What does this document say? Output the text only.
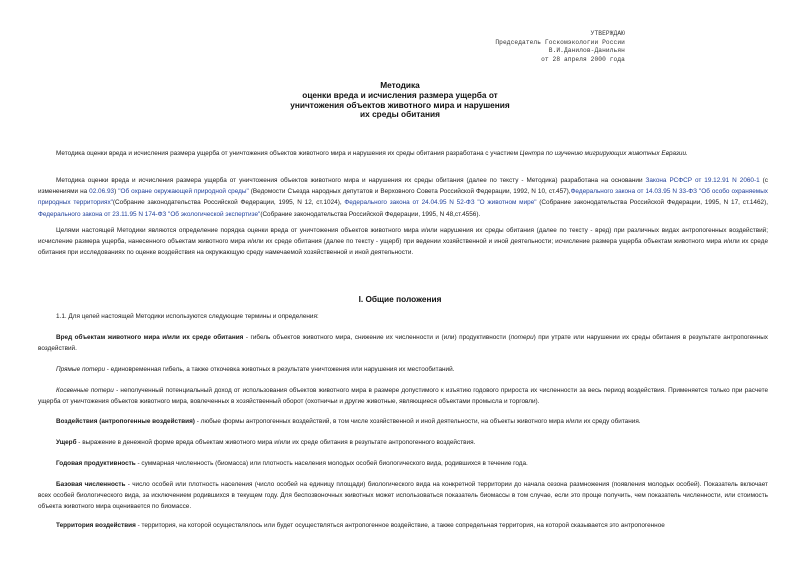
УТВЕРЖДАЮ
Председатель Госкомэкологии России
В.И.Данилов-Данильян
от 28 апреля 2000 года
Методика
оценки вреда и исчисления размера ущерба от
уничтожения объектов животного мира и нарушения
их среды обитания

Методика оценки вреда и исчисления размера ущерба от уничтожения объектов животного мира и нарушения их среды обитания разработана с участием Центра по изучению мигрирующих животных Евразии.

Методика оценки вреда и исчисления размера ущерба от уничтожения объектов животного мира и нарушения их среды обитания (далее по тексту - Методика) разработана на основании Закона РСФСР от 19.12.91 N 2060-1 (с изменениями на 02.06.93) "Об охране окружающей природной среды" (Ведомости Съезда народных депутатов и Верховного Совета Российской Федерации, 1992, N 10, ст.457),Федерального закона от 14.03.95 N 33-ФЗ "Об особо охраняемых природных территориях"(Собрание законодательства Российской Федерации, 1995, N 12, ст.1024), Федерального закона от 24.04.95 N 52-ФЗ "О животном мире" (Собрание законодательства Российской Федерации, 1995, N 17, ст.1462), Федерального закона от 23.11.95 N 174-ФЗ "Об экологической экспертизе"(Собрание законодательства Российской Федерации, 1995, N 48,ст.4556).

Целями настоящей Методики являются определение порядка оценки вреда от уничтожения объектов животного мира и/или нарушения их среды обитания (далее по тексту - вред) при различных видах антропогенных воздействий; исчисление размера ущерба, нанесенного объектам животного мира и/или их среде обитания (далее по тексту - ущерб) при ведении хозяйственной и иной деятельности; исчисление размера ущерба объектам животного мира и/или их среде обитания при исследованиях по оценке воздействия на окружающую среду намечаемой хозяйственной и иной деятельности.

I. Общие положения

1.1. Для целей настоящей Методики используются следующие термины и определения:

Вред объектам животного мира и/или их среде обитания - гибель объектов животного мира, снижение их численности и (или) продуктивности (потери) при утрате или нарушении их среды обитания в результате антропогенных воздействий.

Прямые потери - единовременная гибель, а также откочевка животных в результате уничтожения или нарушения их местообитаний.

Косвенные потери - неполученный потенциальный доход от использования объектов животного мира в размере допустимого к изъятию годового прироста их численности за весь период воздействия. Применяется только при расчете ущерба от уничтожения объектов животного мира, вовлеченных в хозяйственный оборот (охотничьи и другие животные, являющиеся объектами промысла и торговли).

Воздействия (антропогенные воздействия) - любые формы антропогенных воздействий, в том числе хозяйственной и иной деятельности, на объекты животного мира и/или их среду обитания.

Ущерб - выражение в денежной форме вреда объектам животного мира и/или их среде обитания в результате антропогенного воздействия.

Годовая продуктивность - суммарная численность (биомасса) или плотность населения молодых особей биологического вида, родившихся в течение года.

Базовая численность - число особей или плотность населения (число особей на единицу площади) биологического вида на конкретной территории до начала сезона размножения (появления молодых особей). Показатель включает всех особей биологического вида, за исключением родившихся в текущем году. Для беспозвоночных животных может использоваться показатель биомассы в том случае, если это проще получить, чем показатель численности, или стоимость объекта животного мира оценивается по биомассе.

Территория воздействия - территория, на которой осуществлялось или будет осуществляться антропогенное воздействие, а также сопредельная территория, на которой сказывается это антропогенное
